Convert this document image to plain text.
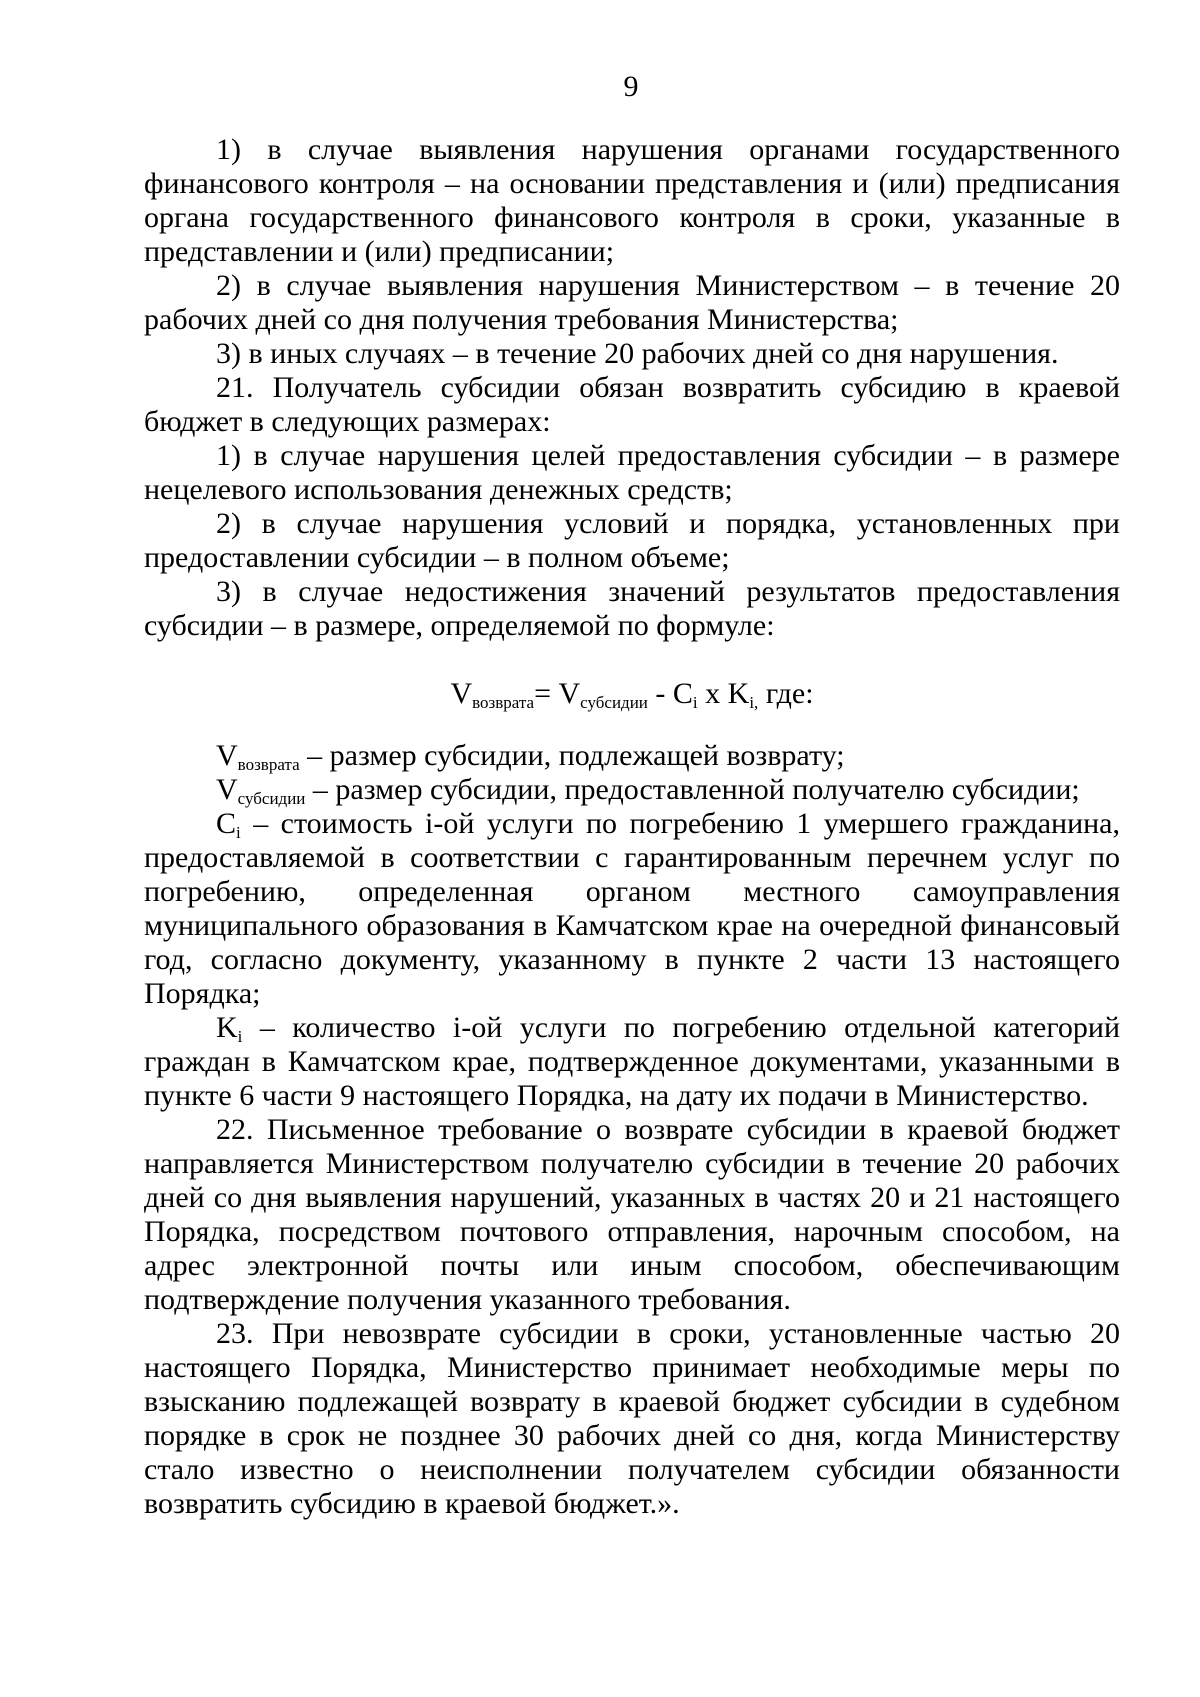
9

1) в случае выявления нарушения органами государственного финансового контроля – на основании представления и (или) предписания органа государственного финансового контроля в сроки, указанные в представлении и (или) предписании;

2) в случае выявления нарушения Министерством – в течение 20 рабочих дней со дня получения требования Министерства;

3) в иных случаях – в течение 20 рабочих дней со дня нарушения.

21. Получатель субсидии обязан возвратить субсидию в краевой бюджет в следующих размерах:

1) в случае нарушения целей предоставления субсидии – в размере нецелевого использования денежных средств;

2) в случае нарушения условий и порядка, установленных при предоставлении субсидии – в полном объеме;

3) в случае недостижения значений результатов предоставления субсидии – в размере, определяемой по формуле:

$V_{возврата}= V_{субсидии} - C_i$ х $K_{i,}$ где:

$V_{возврата}$ – размер субсидии, подлежащей возврату;

$V_{субсидии}$ – размер субсидии, предоставленной получателю субсидии;

$C_i$ – стоимость i-ой услуги по погребению 1 умершего гражданина, предоставляемой в соответствии с гарантированным перечнем услуг по погребению, определенная органом местного самоуправления муниципального образования в Камчатском крае на очередной финансовый год, согласно документу, указанному в пункте 2 части 13 настоящего Порядка;

$K_i$ – количество i-ой услуги по погребению отдельной категорий граждан в Камчатском крае, подтвержденное документами, указанными в пункте 6 части 9 настоящего Порядка, на дату их подачи в Министерство.

22. Письменное требование о возврате субсидии в краевой бюджет направляется Министерством получателю субсидии в течение 20 рабочих дней со дня выявления нарушений, указанных в частях 20 и 21 настоящего Порядка, посредством почтового отправления, нарочным способом, на адрес электронной почты или иным способом, обеспечивающим подтверждение получения указанного требования.

23. При невозврате субсидии в сроки, установленные частью 20 настоящего Порядка, Министерство принимает необходимые меры по взысканию подлежащей возврату в краевой бюджет субсидии в судебном порядке в срок не позднее 30 рабочих дней со дня, когда Министерству стало известно о неисполнении получателем субсидии обязанности возвратить субсидию в краевой бюджет.».
